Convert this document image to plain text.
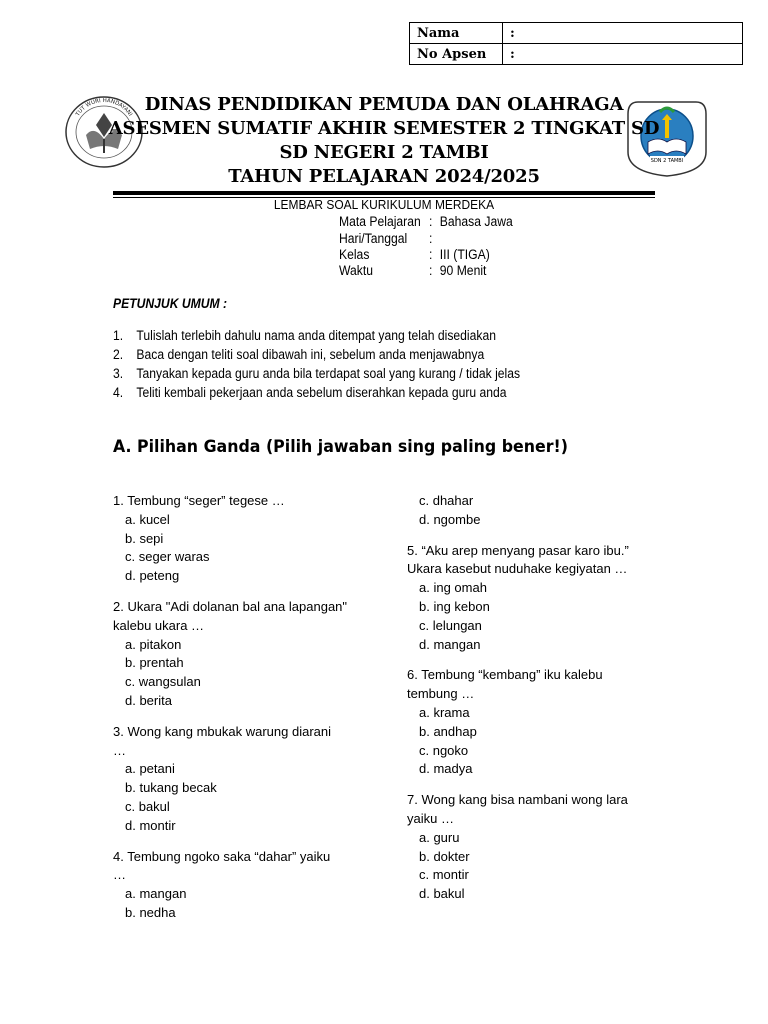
Nama	:
No Apsen	:
TUT WURI HANDAYANI
SDN 2 TAMBI
DINAS PENDIDIKAN PEMUDA DAN OLAHRAGA
ASESMEN SUMATIF AKHIR SEMESTER 2 TINGKAT SD
SD NEGERI 2 TAMBI
TAHUN PELAJARAN 2024/2025
LEMBAR SOAL KURIKULUM MERDEKA
Mata Pelajaran : Bahasa Jawa
Hari/Tanggal :
Kelas	: III (TIGA)
Waktu	: 90 Menit
PETUNJUK UMUM :
1. Tulislah terlebih dahulu nama anda ditempat yang telah disediakan
2. Baca dengan teliti soal dibawah ini, sebelum anda menjawabnya
3. Tanyakan kepada guru anda bila terdapat soal yang kurang / tidak jelas
4. Teliti kembali pekerjaan anda sebelum diserahkan kepada guru anda
A. Pilihan Ganda (Pilih jawaban sing paling bener!)
1. Tembung “seger” tegese …
a. kucel
b. sepi
c. seger waras
d. peteng
2. Ukara "Adi dolanan bal ana lapangan"
kalebu ukara …
a. pitakon
b. prentah
c. wangsulan
d. berita
3. Wong kang mbukak warung diarani
…
a. petani
b. tukang becak
c. bakul
d. montir
4. Tembung ngoko saka “dahar” yaiku
…
a. mangan
b. nedha
c. dhahar
d. ngombe
5. “Aku arep menyang pasar karo ibu.”
Ukara kasebut nuduhake kegiyatan …
a. ing omah
b. ing kebon
c. lelungan
d. mangan
6. Tembung “kembang” iku kalebu
tembung …
a. krama
b. andhap
c. ngoko
d. madya
7. Wong kang bisa nambani wong lara
yaiku …
a. guru
b. dokter
c. montir
d. bakul
